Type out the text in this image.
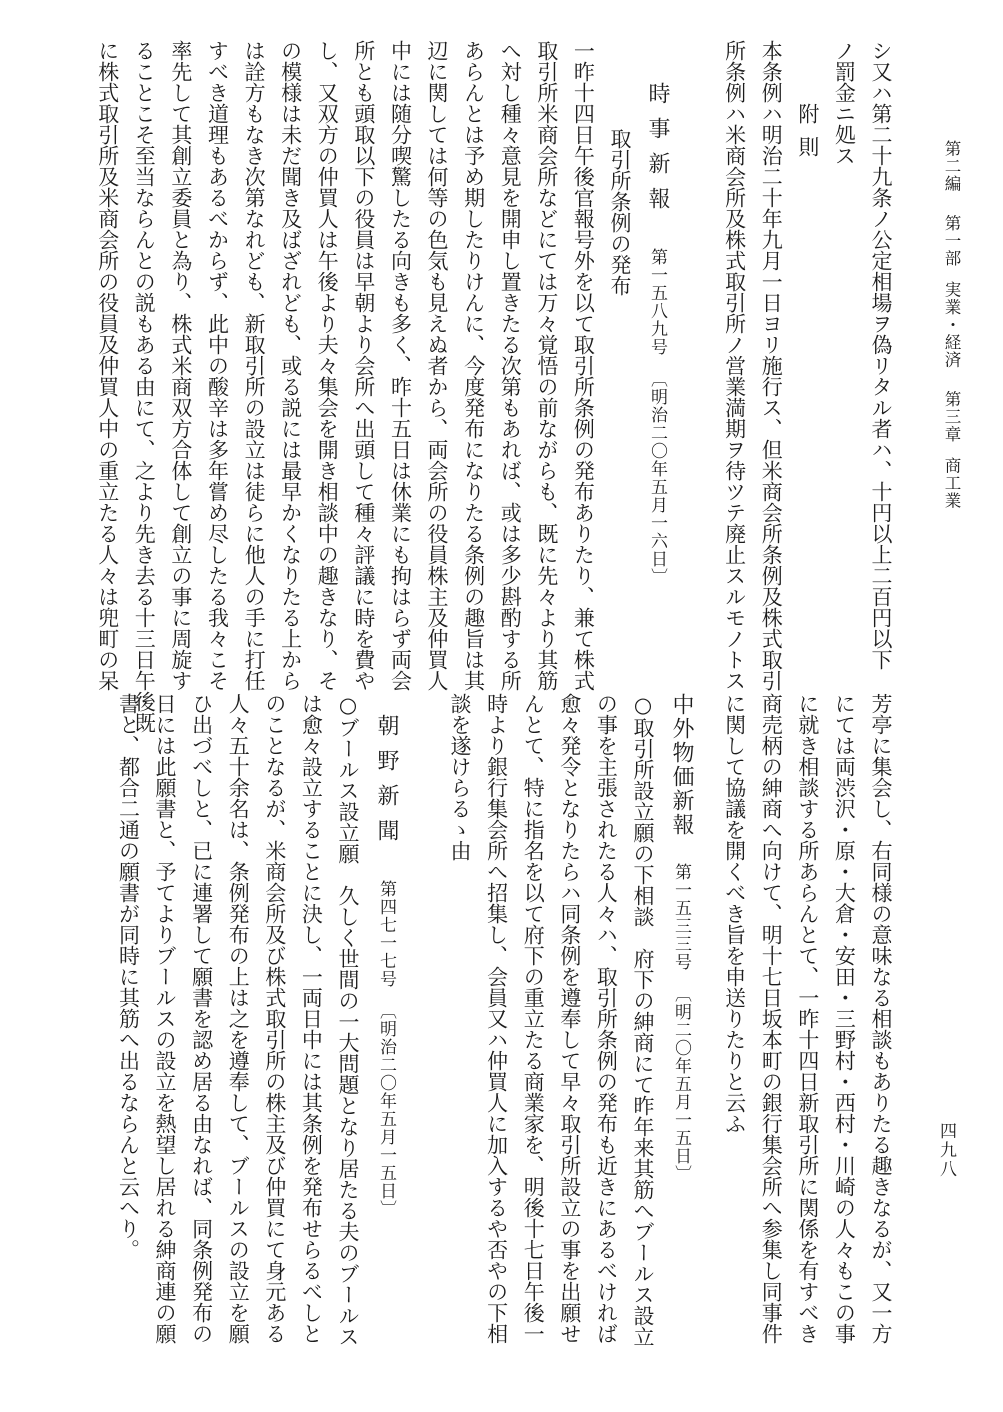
第二編第一部実業・経済第三章商工業
四九八

シ又ハ第二十九条ノ公定相場ヲ偽リタル者ハ、十円以上二百円以下

ノ罰金ニ処ス

附則

本条例ハ明治二十年九月一日ヨリ施行ス、但米商会所条例及株式取引

所条例ハ米商会所及株式取引所ノ営業満期ヲ待ツテ廃止スルモノトス

時事新報第一五八九号〔明治二〇年五月一六日〕

取引所条例の発布

一昨十四日午後官報号外を以て取引所条例の発布ありたり、兼て株式

取引所米商会所などにては万々覚悟の前ながらも、既に先々より其筋

へ対し種々意見を開申し置きたる次第もあれば、或は多少斟酌する所

あらんとは予め期したりけんに、今度発布になりたる条例の趣旨は其

辺に関しては何等の色気も見えぬ者から、両会所の役員株主及仲買人

中には随分喫驚したる向きも多く、昨十五日は休業にも拘はらず両会

所とも頭取以下の役員は早朝より会所へ出頭して種々評議に時を費や

し、又双方の仲買人は午後より夫々集会を開き相談中の趣きなり、そ

の模様は未だ聞き及ばざれども、或る説には最早かくなりたる上から

は詮方もなき次第なれども、新取引所の設立は徒らに他人の手に打任

すべき道理もあるべからず、此中の酸辛は多年嘗め尽したる我々こそ

率先して其創立委員と為り、株式米商双方合体して創立の事に周旋す

ることこそ至当ならんとの説もある由にて、之より先き去る十三日午後既

に株式取引所及米商会所の役員及仲買人中の重立たる人々は兜町の呆

芳亭に集会し、右同様の意味なる相談もありたる趣きなるが、又一方

にては両渋沢・原・大倉・安田・三野村・西村・川崎の人々もこの事

に就き相談する所あらんとて、一昨十四日新取引所に関係を有すべき

商売柄の紳商へ向けて、明十七日坂本町の銀行集会所へ参集し同事件

に関して協議を開くべき旨を申送りたりと云ふ

中外物価新報第一五三三号〔明二〇年五月一五日〕

○取引所設立願の下相談　府下の紳商にて昨年来其筋へブールス設立

の事を主張されたる人々ハ、取引所条例の発布も近きにあるべければ

愈々発令となりたらハ同条例を遵奉して早々取引所設立の事を出願せ

んとて、特に指名を以て府下の重立たる商業家を、明後十七日午後一

時より銀行集会所へ招集し、会員又ハ仲買人に加入するや否やの下相

談を遂けらるゝ由

朝野新聞第四七一七号〔明治二〇年五月一五日〕

○ブールス設立願　久しく世間の一大問題となり居たる夫のブールス

は愈々設立することに決し、一両日中には其条例を発布せらるべしと

のことなるが、米商会所及び株式取引所の株主及び仲買にて身元ある

人々五十余名は、条例発布の上は之を遵奉して、ブールスの設立を願

ひ出づべしと、已に連署して願書を認め居る由なれば、同条例発布の

日には此願書と、予てよりブールスの設立を熱望し居れる紳商連の願

書と、都合二通の願書が同時に其筋へ出るならんと云へり。
